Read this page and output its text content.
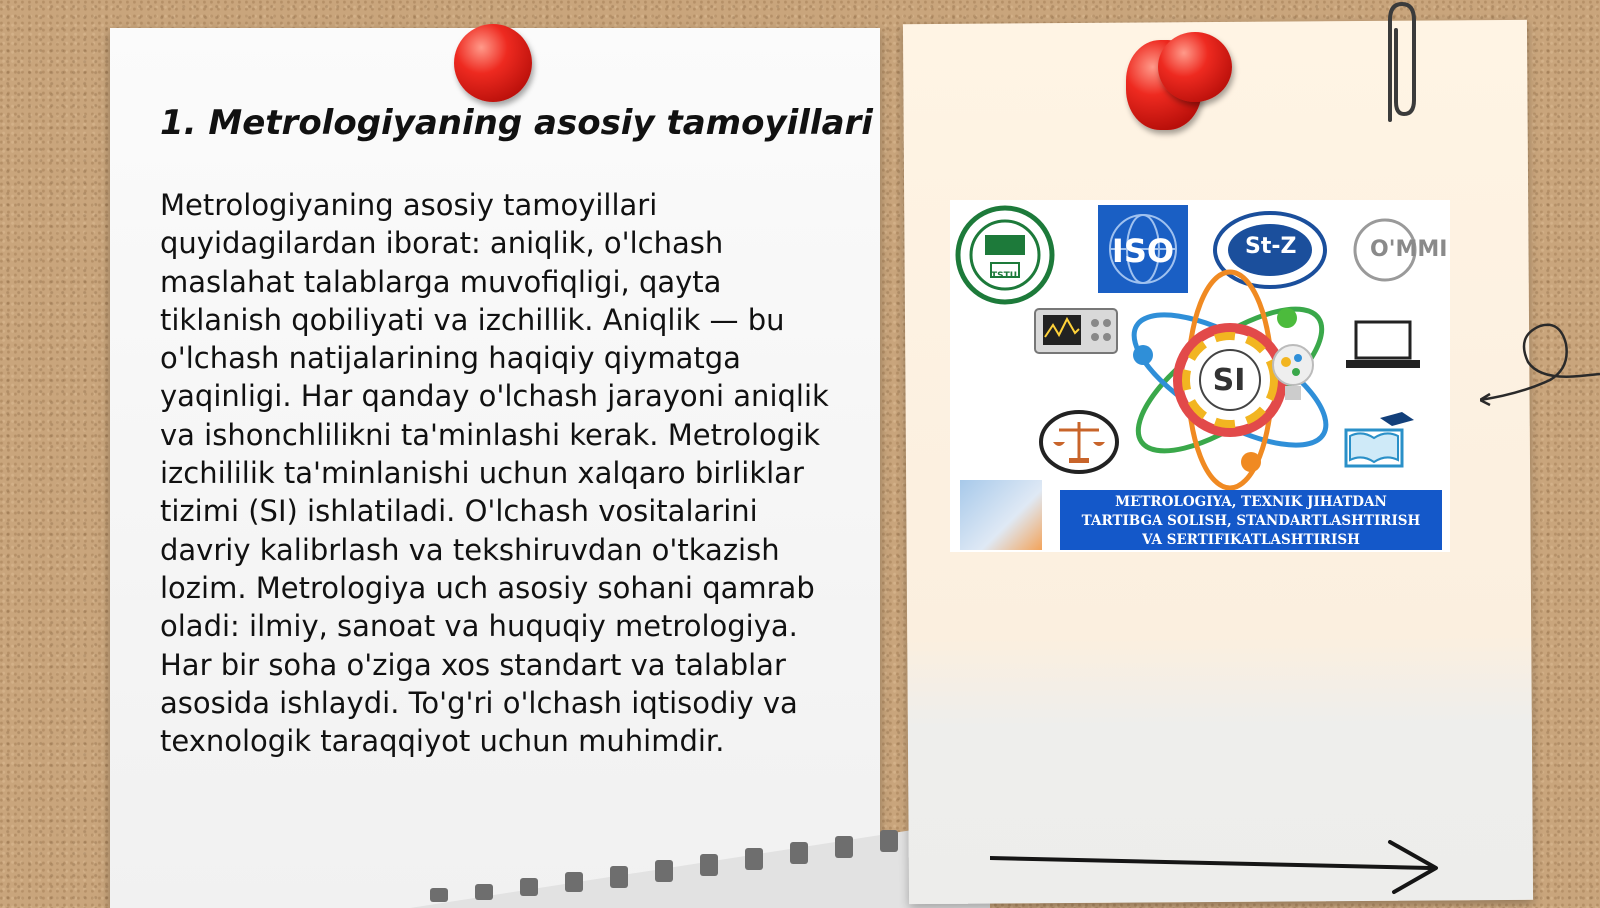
1. Metrologiyaning asosiy tamoyillari

Metrologiyaning asosiy tamoyillari quyidagilardan iborat: aniqlik, o'lchash maslahat talablarga muvofiqligi, qayta tiklanish qobiliyati va izchillik. Aniqlik — bu o'lchash natijalarining haqiqiy qiymatga yaqinligi. Har qanday o'lchash jarayoni aniqlik va ishonchlilikni ta'minlashi kerak. Metrologik izchililik ta'minlanishi uchun xalqaro birliklar tizimi (SI) ishlatiladi. O'lchash vositalarini davriy kalibrlash va tekshiruvdan o'tkazish lozim. Metrologiya uch asosiy sohani qamrab oladi: ilmiy, sanoat va huquqiy metrologiya. Har bir soha o'ziga xos standart va talablar asosida ishlaydi. To'g'ri o'lchash iqtisodiy va texnologik taraqqiyot uchun muhimdir.

TSTU
ISO	St-Z	O'MMI
SI
METROLOGIYA, TEXNIK JIHATDAN
TARTIBGA SOLISH, STANDARTLASHTIRISH
VA SERTIFIKATLASHTIRISH
